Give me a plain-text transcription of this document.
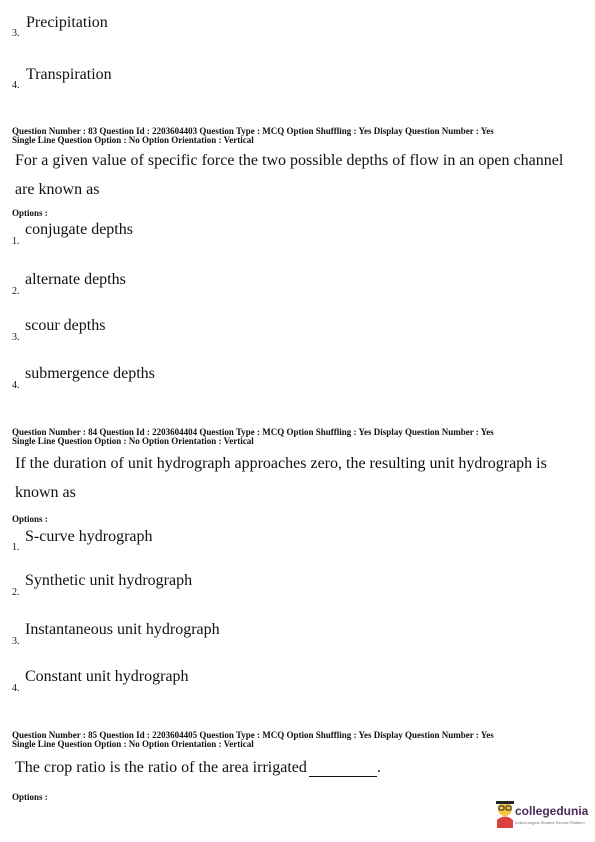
3.
Precipitation
4.
Transpiration
Question Number : 83 Question Id : 2203604403 Question Type : MCQ Option Shuffling : Yes Display Question Number : Yes
Single Line Question Option : No Option Orientation : Vertical
For a given value of specific force the two possible depths of flow in an open channel
are known as
Options :
1.
conjugate depths
2.
alternate depths
3.
scour depths
4.
submergence depths
Question Number : 84 Question Id : 2203604404 Question Type : MCQ Option Shuffling : Yes Display Question Number : Yes
Single Line Question Option : No Option Orientation : Vertical
If the duration of unit hydrograph approaches zero, the resulting unit hydrograph is
known as
Options :
1.
S-curve hydrograph
2.
Synthetic unit hydrograph
3.
Instantaneous unit hydrograph
4.
Constant unit hydrograph
Question Number : 85 Question Id : 2203604405 Question Type : MCQ Option Shuffling : Yes Display Question Number : Yes
Single Line Question Option : No Option Orientation : Vertical
The crop ratio is the ratio of the area irrigated	.
Options :
collegedunia
India's largest Student Review Platform
